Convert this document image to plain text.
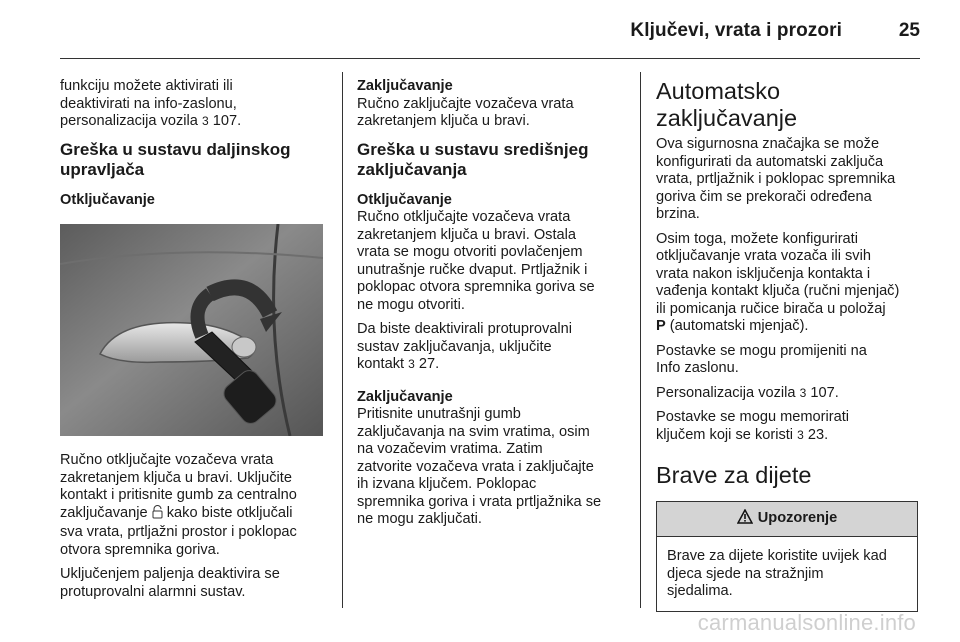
Ključevi, vrata i prozori	25

funkciju možete aktivirati ili
deaktivirati na info-zaslonu,
personalizacija vozila 3 107.

Greška u sustavu daljinskog
upravljača

Otključavanje

Ručno otključajte vozačeva vrata
zakretanjem ključa u bravi. Uključite
kontakt i pritisnite gumb za centralno
zaključavanje kako biste otključali
sva vrata, prtljažni prostor i poklopac
otvora spremnika goriva.

Uključenjem paljenja deaktivira se
protuprovalni alarmni sustav.

Zaključavanje

Ručno zaključajte vozačeva vrata
zakretanjem ključa u bravi.

Greška u sustavu središnjeg
zaključavanja

Otključavanje

Ručno otključajte vozačeva vrata
zakretanjem ključa u bravi. Ostala
vrata se mogu otvoriti povlačenjem
unutrašnje ručke dvaput. Prtljažnik i
poklopac otvora spremnika goriva se
ne mogu otvoriti.

Da biste deaktivirali protuprovalni
sustav zaključavanja, uključite
kontakt 3 27.

Zaključavanje

Pritisnite unutrašnji gumb
zaključavanja na svim vratima, osim
na vozačevim vratima. Zatim
zatvorite vozačeva vrata i zaključajte
ih izvana ključem. Poklopac
spremnika goriva i vrata prtljažnika se
ne mogu zaključati.

Automatsko zaključavanje

Ova sigurnosna značajka se može
konfigurirati da automatski zaključa
vrata, prtljažnik i poklopac spremnika
goriva čim se prekorači određena
brzina.

Osim toga, možete konfigurirati
otključavanje vrata vozača ili svih
vrata nakon isključenja kontakta i
vađenja kontakt ključa (ručni mjenjač)
ili pomicanja ručice birača u položaj
P (automatski mjenjač).

Postavke se mogu promijeniti na
Info zaslonu.

Personalizacija vozila 3 107.

Postavke se mogu memorirati
ključem koji se koristi 3 23.

Brave za dijete
Upozorenje
Brave za dijete koristite uvijek kad
djeca sjede na stražnjim
sjedalima.
carmanualsonline.info
